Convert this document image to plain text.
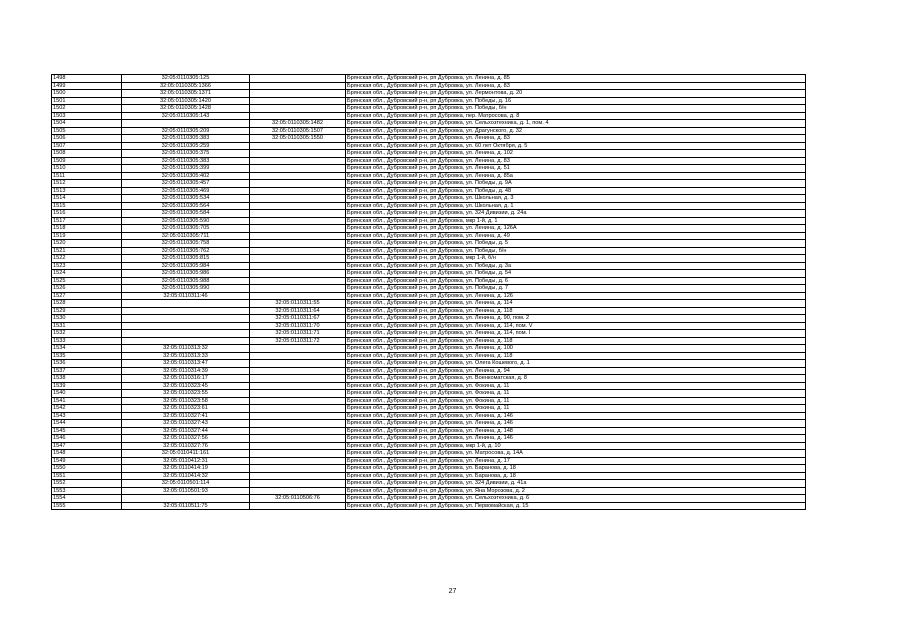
1498	32:05:0110305:125		Брянская обл., Дубровский р-н, рп Дубровка, ул. Ленина, д. 85
1499	32:05:0110305:1366		Брянская обл., Дубровский р-н, рп Дубровка, ул. Ленина, д. 83
1500	32:05:0110305:1371		Брянская обл., Дубровский р-н, рп Дубровка, ул. Лермонтова, д. 20
1501	32:05:0110305:1420		Брянская обл., Дубровский р-н, рп Дубровка, ул. Победы, д. 16
1502	32:05:0110305:1428		Брянская обл., Дубровский р-н, рп Дубровка, ул. Победы, б/н
1503	32:05:0110305:143		Брянская обл., Дубровский р-н, рп Дубровка, пер. Матросова, д. 8
1504		32:05:0110305:1482	Брянская обл., Дубровский р-н, рп Дубровка, ул. Сельхозтехника, д. 1, пом. 4
1505	32:05:0110305:209	32:05:0110305:1507	Брянская обл., Дубровский р-н, рп Дубровка, ул. Драгунского, д. 32
1506	32:05:0110305:383	32:05:0110305:1550	Брянская обл., Дубровский р-н, рп Дубровка, ул. Ленина, д. 83
1507	32:05:0110305:259		Брянская обл., Дубровский р-н, рп Дубровка, ул. 60 лет Октября, д. 5
1508	32:05:0110305:375		Брянская обл., Дубровский р-н, рп Дубровка, ул. Ленина, д. 102
1509	32:05:0110305:383		Брянская обл., Дубровский р-н, рп Дубровка, ул. Ленина, д. 83
1510	32:05:0110305:399		Брянская обл., Дубровский р-н, рп Дубровка, ул. Ленина, д. 51
1511	32:05:0110305:402		Брянская обл., Дубровский р-н, рп Дубровка, ул. Ленина, д. 85а
1512	32:05:0110305:457		Брянская обл., Дубровский р-н, рп Дубровка, ул. Победы, д. 9А
1513	32:05:0110305:469		Брянская обл., Дубровский р-н, рп Дубровка, ул. Победы, д. 48
1514	32:05:0110305:534		Брянская обл., Дубровский р-н, рп Дубровка, ул. Школьная, д. 3
1515	32:05:0110305:564		Брянская обл., Дубровский р-н, рп Дубровка, ул. Школьная, д. 1
1516	32:05:0110305:584		Брянская обл., Дубровский р-н, рп Дубровка, ул. 324 Дивизии, д. 24а
1517	32:05:0110305:590		Брянская обл., Дубровский р-н, рп Дубровка, мкр 1-й, д. 1
1518	32:05:0110305:705		Брянская обл., Дубровский р-н, рп Дубровка, ул. Ленина, д. 126А
1519	32:05:0110305:711		Брянская обл., Дубровский р-н, рп Дубровка, ул. Ленина, д. 49
1520	32:05:0110305:758		Брянская обл., Дубровский р-н, рп Дубровка, ул. Победы, д. 5
1521	32:05:0110305:762		Брянская обл., Дубровский р-н, рп Дубровка, ул. Победы, б/н
1522	32:05:0110305:815		Брянская обл., Дубровский р-н, рп Дубровка, мкр 1-й, б/н
1523	32:05:0110305:984		Брянская обл., Дубровский р-н, рп Дубровка, ул. Победы, д. 3а
1524	32:05:0110305:986		Брянская обл., Дубровский р-н, рп Дубровка, ул. Победы, д. 54
1525	32:05:0110305:988		Брянская обл., Дубровский р-н, рп Дубровка, ул. Победы, д. 6
1526	32:05:0110305:990		Брянская обл., Дубровский р-н, рп Дубровка, ул. Победы, д. 7
1527	32:05:0110311:46		Брянская обл., Дубровский р-н, рп Дубровка, ул. Ленина, д. 126
1528		32:05:0110311:55	Брянская обл., Дубровский р-н, рп Дубровка, ул. Ленина, д. 114
1529		32:05:0110311:64	Брянская обл., Дубровский р-н, рп Дубровка, ул. Ленина, д. 118
1530		32:05:0110311:67	Брянская обл., Дубровский р-н, рп Дубровка, ул. Ленина, д. 90, пом. 2
1531		32:05:0110311:70	Брянская обл., Дубровский р-н, рп Дубровка, ул. Ленина, д. 114, пом. V
1532		32:05:0110311:71	Брянская обл., Дубровский р-н, рп Дубровка, ул. Ленина, д. 114, пом. I
1533		32:05:0110311:72	Брянская обл., Дубровский р-н, рп Дубровка, ул. Ленина, д. 118
1534	32:05:0110313:32		Брянская обл., Дубровский р-н, рп Дубровка, ул. Ленина, д. 100
1535	32:05:0110313:33		Брянская обл., Дубровский р-н, рп Дубровка, ул. Ленина, д. 118
1536	32:05:0110313:47		Брянская обл., Дубровский р-н, рп Дубровка, ул. Олега Кошевого, д. 1
1537	32:05:0110314:39		Брянская обл., Дубровский р-н, рп Дубровка, ул. Ленина, д. 94
1538	32:05:0110316:17		Брянская обл., Дубровский р-н, рп Дубровка, ул. Военкоматская, д. 8
1539	32:05:0110323:45		Брянская обл., Дубровский р-н, рп Дубровка, ул. Фокина, д. 11
1540	32:05:0110323:55		Брянская обл., Дубровский р-н, рп Дубровка, ул. Фокина, д. 11
1541	32:05:0110323:58		Брянская обл., Дубровский р-н, рп Дубровка, ул. Фокина, д. 11
1542	32:05:0110323:61		Брянская обл., Дубровский р-н, рп Дубровка, ул. Фокина, д. 11
1543	32:05:0110327:41		Брянская обл., Дубровский р-н, рп Дубровка, ул. Ленина, д. 146
1544	32:05:0110327:43		Брянская обл., Дубровский р-н, рп Дубровка, ул. Ленина, д. 146
1545	32:05:0110327:44		Брянская обл., Дубровский р-н, рп Дубровка, ул. Ленина, д. 148
1546	32:05:0110327:56		Брянская обл., Дубровский р-н, рп Дубровка, ул. Ленина, д. 146
1547	32:05:0110327:76		Брянская обл., Дубровский р-н, рп Дубровка, мкр 1-й, д. 10
1548	32:05:0110411:161		Брянская обл., Дубровский р-н, рп Дубровка, ул. Матросова, д. 14А
1549	32:05:0110412:31		Брянская обл., Дубровский р-н, рп Дубровка, ул. Ленина, д. 17
1550	32:05:0110414:19		Брянская обл., Дубровский р-н, рп Дубровка, ул. Баранова, д. 18
1551	32:05:0110414:32		Брянская обл., Дубровский р-н, рп Дубровка, ул. Баранова, д. 18
1552	32:05:0110501:114		Брянская обл., Дубровский р-н, рп Дубровка, ул. 324 Дивизии, д. 41а
1553	32:05:0110501:93		Брянская обл., Дубровский р-н, рп Дубровка, ул. Яна Морозова, д. 2
1554		32:05:0110506:76	Брянская обл., Дубровский р-н, рп Дубровка, ул. Сельхозтехника, д. 6
1555	32:05:0110511:75		Брянская обл., Дубровский р-н, рп Дубровка, ул. Первомайская, д. 15
27
